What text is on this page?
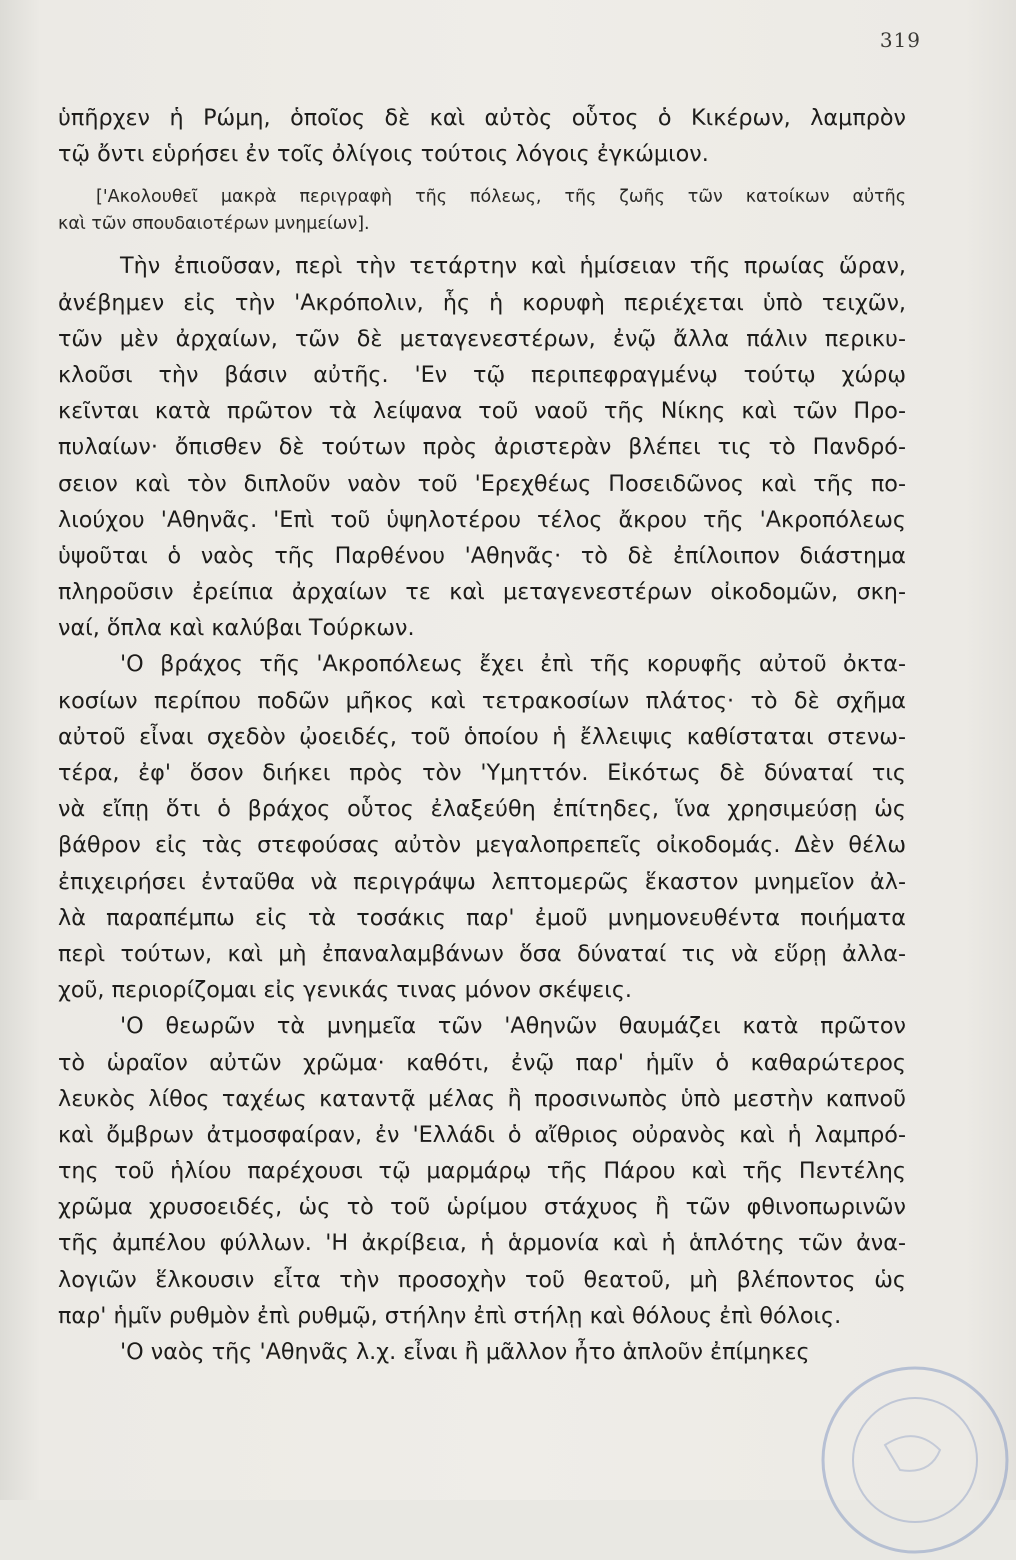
319
ὑπῆρχεν ἡ Ρώμη, ὁποῖος δὲ καὶ αὐτὸς οὗτος ὁ Κικέρων, λαμπρὸν
τῷ ὄντι εὑρήσει ἐν τοῖς ὀλίγοις τούτοις λόγοις ἐγκώμιον.
['Ακολουθεῖ μακρὰ περιγραφὴ τῆς πόλεως, τῆς ζωῆς τῶν κατοίκων αὐτῆς
καὶ τῶν σπουδαιοτέρων μνημείων].
Τὴν ἐπιοῦσαν, περὶ τὴν τετάρτην καὶ ἡμίσειαν τῆς πρωίας ὥραν,
ἀνέβημεν εἰς τὴν 'Ακρόπολιν, ἧς ἡ κορυφὴ περιέχεται ὑπὸ τειχῶν,
τῶν μὲν ἀρχαίων, τῶν δὲ μεταγενεστέρων, ἐνῷ ἄλλα πάλιν περικυ-
κλοῦσι τὴν βάσιν αὐτῆς. 'Εν τῷ περιπεφραγμένῳ τούτῳ χώρῳ
κεῖνται κατὰ πρῶτον τὰ λείψανα τοῦ ναοῦ τῆς Νίκης καὶ τῶν Προ-
πυλαίων· ὄπισθεν δὲ τούτων πρὸς ἀριστερὰν βλέπει τις τὸ Πανδρό-
σειον καὶ τὸν διπλοῦν ναὸν τοῦ 'Ερεχθέως Ποσειδῶνος καὶ τῆς πο-
λιούχου 'Αθηνᾶς. 'Επὶ τοῦ ὑψηλοτέρου τέλος ἄκρου τῆς 'Ακροπόλεως
ὑψοῦται ὁ ναὸς τῆς Παρθένου 'Αθηνᾶς· τὸ δὲ ἐπίλοιπον διάστημα
πληροῦσιν ἐρείπια ἀρχαίων τε καὶ μεταγενεστέρων οἰκοδομῶν, σκη-
ναί, ὅπλα καὶ καλύβαι Τούρκων.
'Ο βράχος τῆς 'Ακροπόλεως ἔχει ἐπὶ τῆς κορυφῆς αὐτοῦ ὀκτα-
κοσίων περίπου ποδῶν μῆκος καὶ τετρακοσίων πλάτος· τὸ δὲ σχῆμα
αὐτοῦ εἶναι σχεδὸν ᾠοειδές, τοῦ ὁποίου ἡ ἔλλειψις καθίσταται στενω-
τέρα, ἐφ' ὅσον διήκει πρὸς τὸν 'Υμηττόν. Εἰκότως δὲ δύναταί τις
νὰ εἴπῃ ὅτι ὁ βράχος οὗτος ἐλαξεύθη ἐπίτηδες, ἵνα χρησιμεύσῃ ὡς
βάθρον εἰς τὰς στεφούσας αὐτὸν μεγαλοπρεπεῖς οἰκοδομάς. Δὲν θέλω
ἐπιχειρήσει ἐνταῦθα νὰ περιγράψω λεπτομερῶς ἕκαστον μνημεῖον ἀλ-
λὰ παραπέμπω εἰς τὰ τοσάκις παρ' ἐμοῦ μνημονευθέντα ποιήματα
περὶ τούτων, καὶ μὴ ἐπαναλαμβάνων ὅσα δύναταί τις νὰ εὕρῃ ἀλλα-
χοῦ, περιορίζομαι εἰς γενικάς τινας μόνον σκέψεις.
'Ο θεωρῶν τὰ μνημεῖα τῶν 'Αθηνῶν θαυμάζει κατὰ πρῶτον
τὸ ὡραῖον αὐτῶν χρῶμα· καθότι, ἐνῷ παρ' ἡμῖν ὁ καθαρώτερος
λευκὸς λίθος ταχέως καταντᾷ μέλας ἢ προσινωπὸς ὑπὸ μεστὴν καπνοῦ
καὶ ὄμβρων ἀτμοσφαίραν, ἐν 'Ελλάδι ὁ αἴθριος οὐρανὸς καὶ ἡ λαμπρό-
της τοῦ ἡλίου παρέχουσι τῷ μαρμάρῳ τῆς Πάρου καὶ τῆς Πεντέλης
χρῶμα χρυσοειδές, ὡς τὸ τοῦ ὡρίμου στάχυος ἢ τῶν φθινοπωρινῶν
τῆς ἀμπέλου φύλλων. 'Η ἀκρίβεια, ἡ ἁρμονία καὶ ἡ ἁπλότης τῶν ἀνα-
λογιῶν ἕλκουσιν εἶτα τὴν προσοχὴν τοῦ θεατοῦ, μὴ βλέποντος ὡς
παρ' ἡμῖν ρυθμὸν ἐπὶ ρυθμῷ, στήλην ἐπὶ στήλῃ καὶ θόλους ἐπὶ θόλοις.
'Ο ναὸς τῆς 'Αθηνᾶς λ.χ. εἶναι ἢ μᾶλλον ἦτο ἁπλοῦν ἐπίμηκες
